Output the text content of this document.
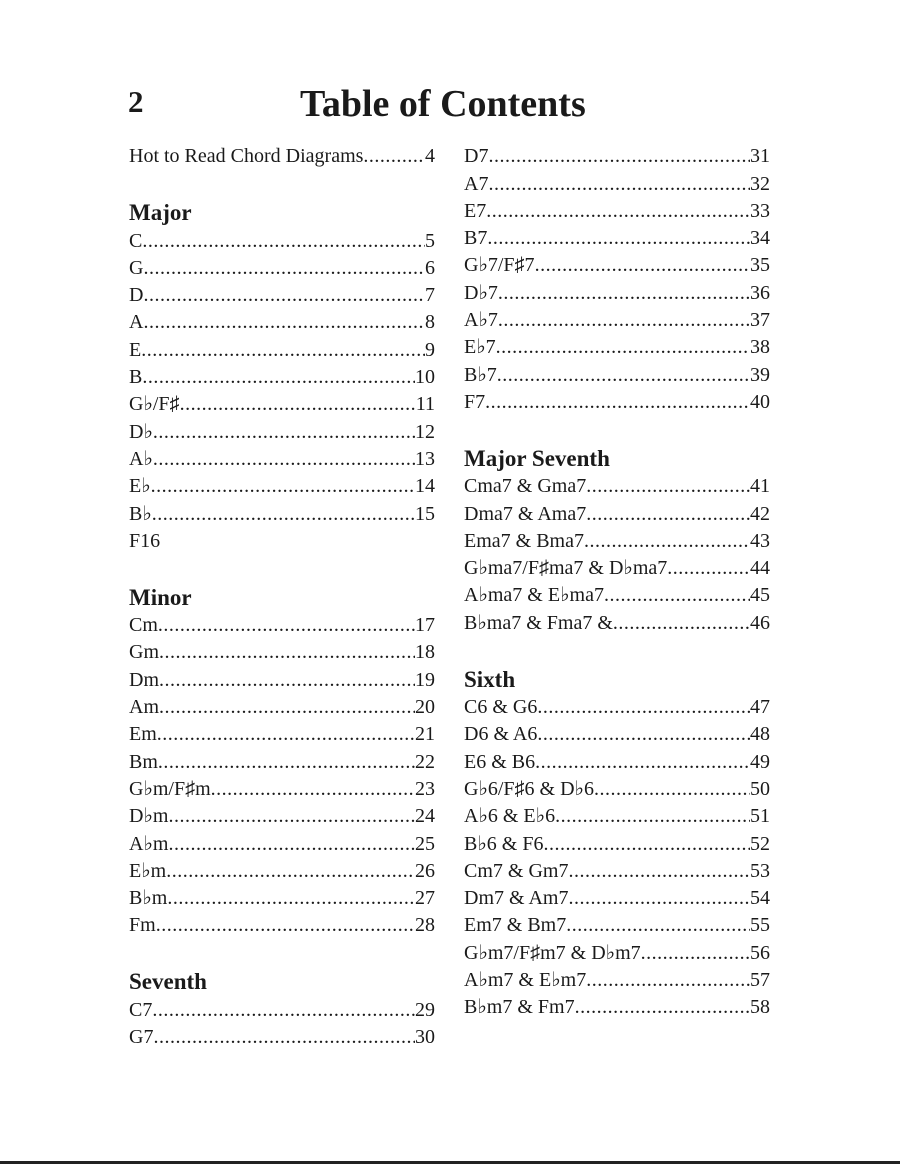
2	Table of Contents
Hot to Read Chord Diagrams .....	4
Major
C .....	5
G .....	6
D .....	7
A .....	8
E .....	9
B .....	10
G♭/F♯ .....	11
D♭ .....	12
A♭ .....	13
E♭ .....	14
B♭ .....	15
F16
Minor
Cm .....	17
Gm .....	18
Dm .....	19
Am .....	20
Em .....	21
Bm .....	22
G♭m/F♯m .....	23
D♭m .....	24
A♭m .....	25
E♭m .....	26
B♭m .....	27
Fm .....	28
Seventh
C7 .....	29
G7 .....	30
D7 .....	31
A7 .....	32
E7 .....	33
B7 .....	34
G♭7/F♯7 .....	35
D♭7 .....	36
A♭7 .....	37
E♭7 .....	38
B♭7 .....	39
F7 .....	40
Major Seventh
Cma7 & Gma7 .....	41
Dma7 & Ama7 .....	42
Ema7 & Bma7 .....	43
G♭ma7/F♯ma7 & D♭ma7 .....	44
A♭ma7 & E♭ma7 .....	45
B♭ma7 & Fma7 & .....	46
Sixth
C6 & G6 .....	47
D6 & A6 .....	48
E6 & B6 .....	49
G♭6/F♯6 & D♭6 .....	50
A♭6 & E♭6 .....	51
B♭6 & F6 .....	52
Cm7 & Gm7 .....	53
Dm7 & Am7 .....	54
Em7 & Bm7 .....	55
G♭m7/F♯m7 & D♭m7 .....	56
A♭m7 & E♭m7 .....	57
B♭m7 & Fm7 .....	58
